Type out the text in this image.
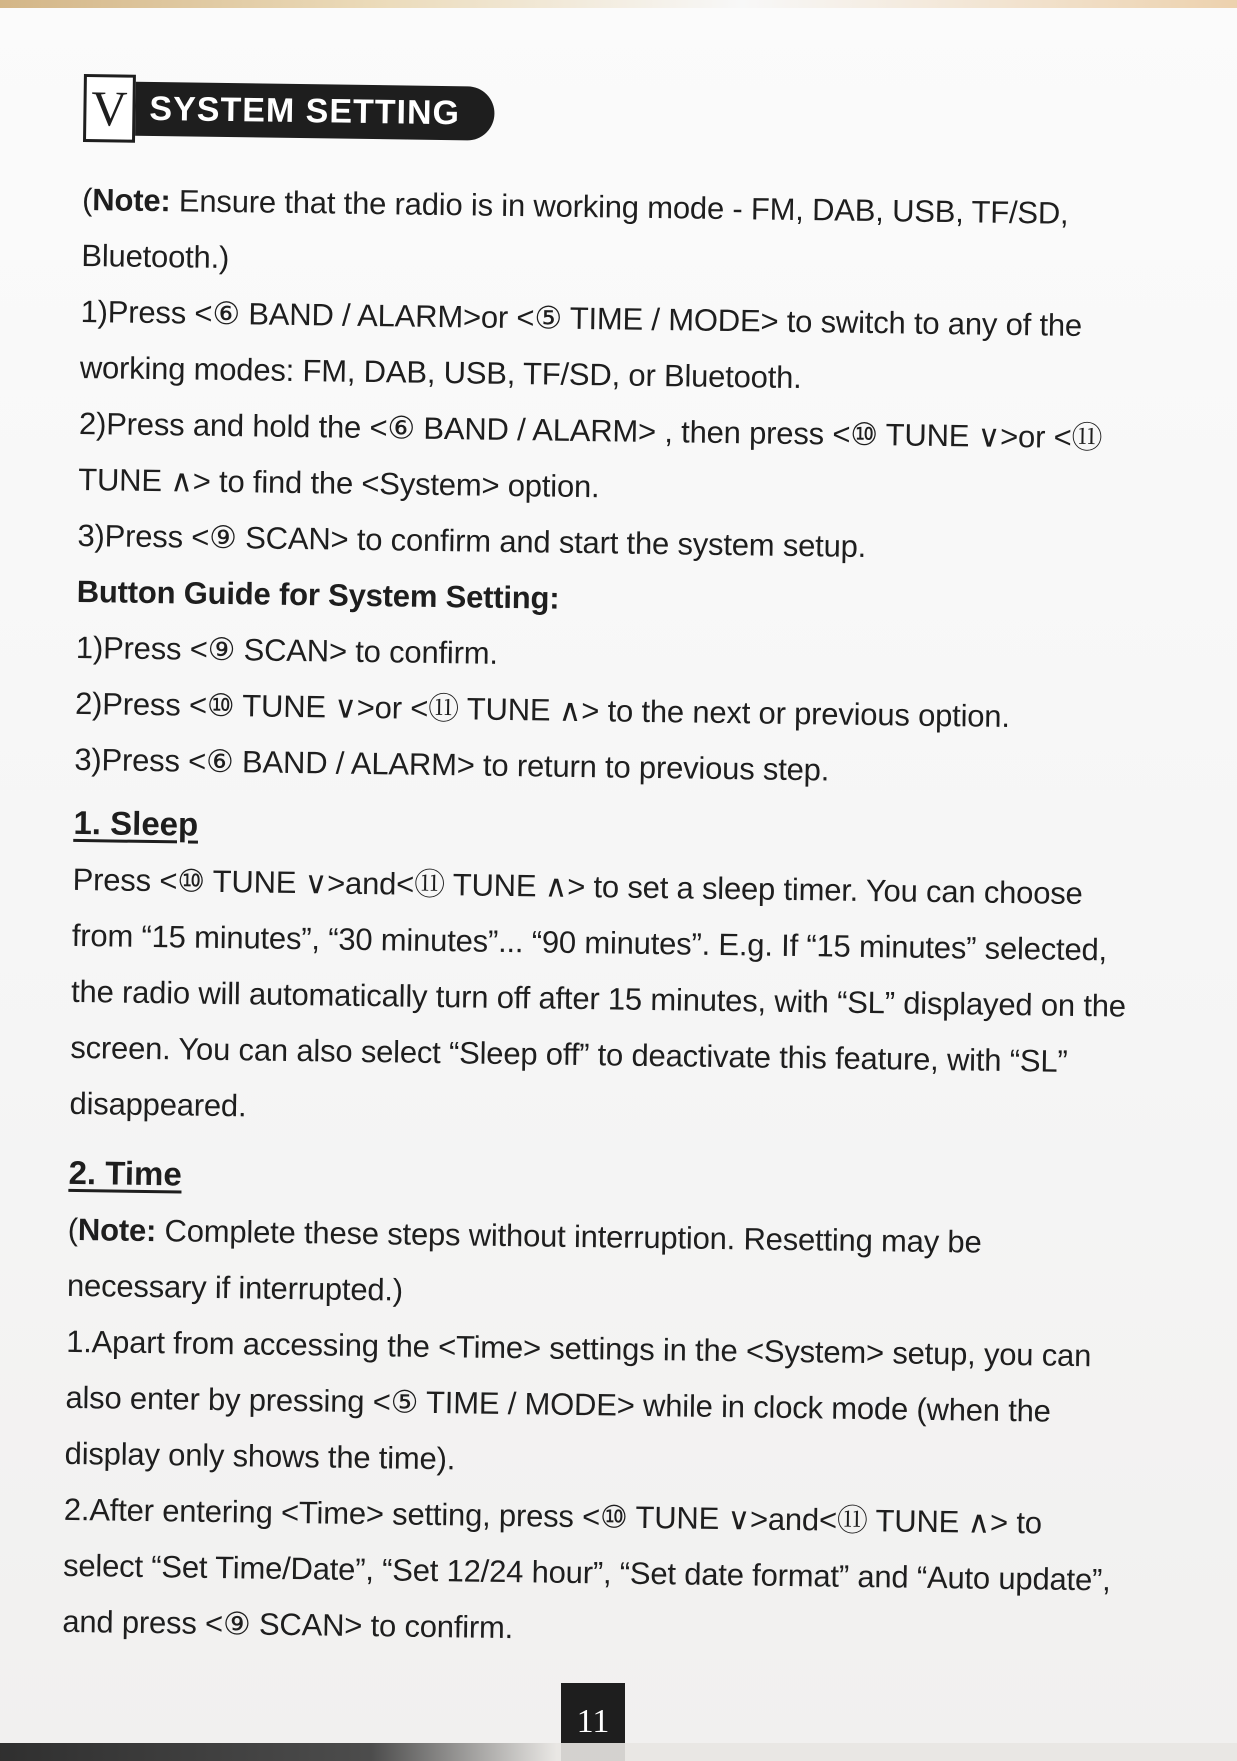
V SYSTEM SETTING

(Note: Ensure that the radio is in working mode - FM, DAB, USB, TF/SD, Bluetooth.)

1)Press <⑥ BAND / ALARM>or <⑤ TIME / MODE> to switch to any of the working modes: FM, DAB, USB, TF/SD, or Bluetooth.

2)Press and hold the <⑥ BAND / ALARM> , then press <⑩ TUNE ∨>or <⑪ TUNE ∧> to find the <System> option.

3)Press <⑨ SCAN> to confirm and start the system setup.

Button Guide for System Setting:

1)Press <⑨ SCAN> to confirm.

2)Press <⑩ TUNE ∨>or <⑪ TUNE ∧> to the next or previous option.

3)Press <⑥ BAND / ALARM> to return to previous step.

1. Sleep

Press <⑩ TUNE ∨>and<⑪ TUNE ∧> to set a sleep timer. You can choose from “15 minutes”, “30 minutes”... “90 minutes”. E.g. If “15 minutes” selected, the radio will automatically turn off after 15 minutes, with “SL” displayed on the screen. You can also select “Sleep off” to deactivate this feature, with “SL” disappeared.

2. Time

(Note: Complete these steps without interruption. Resetting may be necessary if interrupted.)

1.Apart from accessing the <Time> settings in the <System> setup, you can also enter by pressing <⑤ TIME / MODE> while in clock mode (when the display only shows the time).

2.After entering <Time> setting, press <⑩ TUNE ∨>and<⑪ TUNE ∧> to select “Set Time/Date”, “Set 12/24 hour”, “Set date format” and “Auto update”, and press <⑨ SCAN> to confirm.

11
